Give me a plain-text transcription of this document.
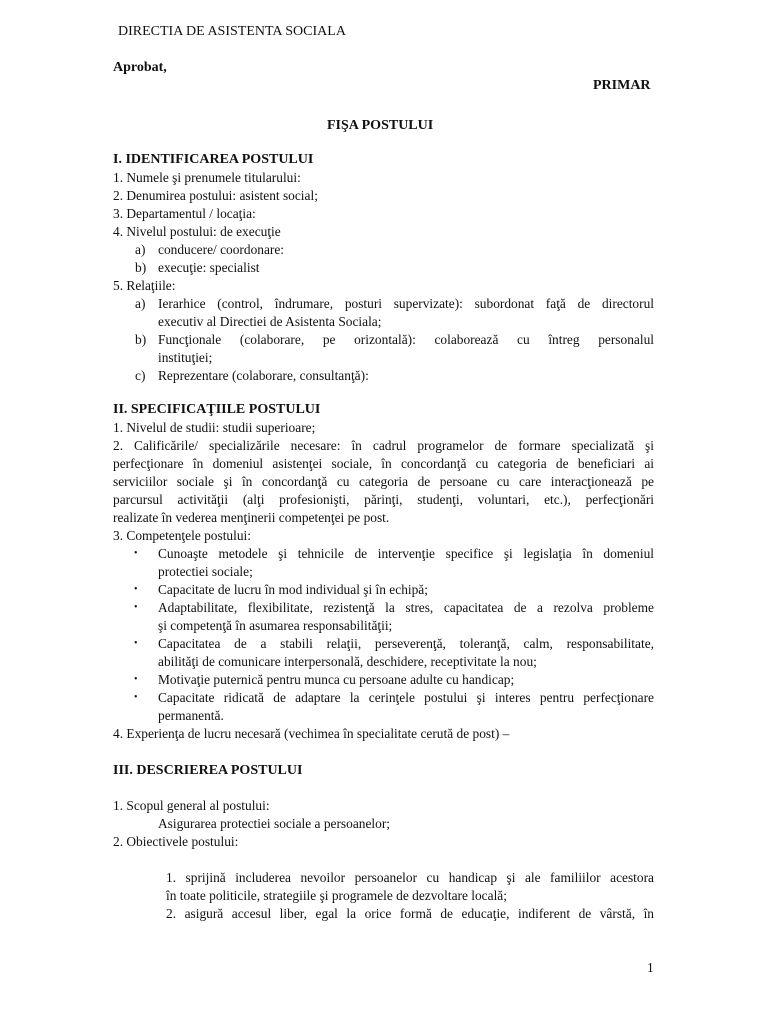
DIRECTIA DE ASISTENTA SOCIALA
Aprobat,
PRIMAR
FIŞA POSTULUI
I. IDENTIFICAREA POSTULUI
1. Numele şi prenumele titularului:
2. Denumirea postului: asistent social;
3. Departamentul / locaţia:
4. Nivelul postului: de execuţie
a) conducere/ coordonare:
b) execuţie: specialist
5. Relaţiile:
a) Ierarhice (control, îndrumare, posturi supervizate): subordonat faţă de directorul
executiv al Directiei de Asistenta Sociala;
b) Funcţionale (colaborare, pe orizontală): colaborează cu întreg personalul
instituţiei;
c) Reprezentare (colaborare, consultanţă):
II. SPECIFICAŢIILE POSTULUI
1. Nivelul de studii: studii superioare;
2. Calificările/ specializările necesare: în cadrul programelor de formare specializată şi
perfecţionare în domeniul asistenţei sociale, în concordanţă cu categoria de beneficiari ai
serviciilor sociale şi în concordanţă cu categoria de persoane cu care interacţionează pe
parcursul activităţii (alţi profesionişti, părinţi, studenţi, voluntari, etc.), perfecţionări
realizate în vederea menţinerii competenţei pe post.
3. Competenţele postului:
• Cunoaşte metodele şi tehnicile de intervenţie specifice şi legislaţia în domeniul
protectiei sociale;
• Capacitate de lucru în mod individual şi în echipă;
• Adaptabilitate, flexibilitate, rezistenţă la stres, capacitatea de a rezolva probleme
şi competenţă în asumarea responsabilităţii;
• Capacitatea de a stabili relaţii, perseverenţă, toleranţă, calm, responsabilitate,
abilităţi de comunicare interpersonală, deschidere, receptivitate la nou;
• Motivaţie puternică pentru munca cu persoane adulte cu handicap;
• Capacitate ridicată de adaptare la cerinţele postului şi interes pentru perfecţionare
permanentă.
4. Experienţa de lucru necesară (vechimea în specialitate cerută de post) –
III. DESCRIEREA POSTULUI
1. Scopul general al postului:
Asigurarea protectiei sociale a persoanelor;
2. Obiectivele postului:
1. sprijină includerea nevoilor persoanelor cu handicap şi ale familiilor acestora
în toate politicile, strategiile şi programele de dezvoltare locală;
2. asigură accesul liber, egal la orice formă de educaţie, indiferent de vârstă, în
1
